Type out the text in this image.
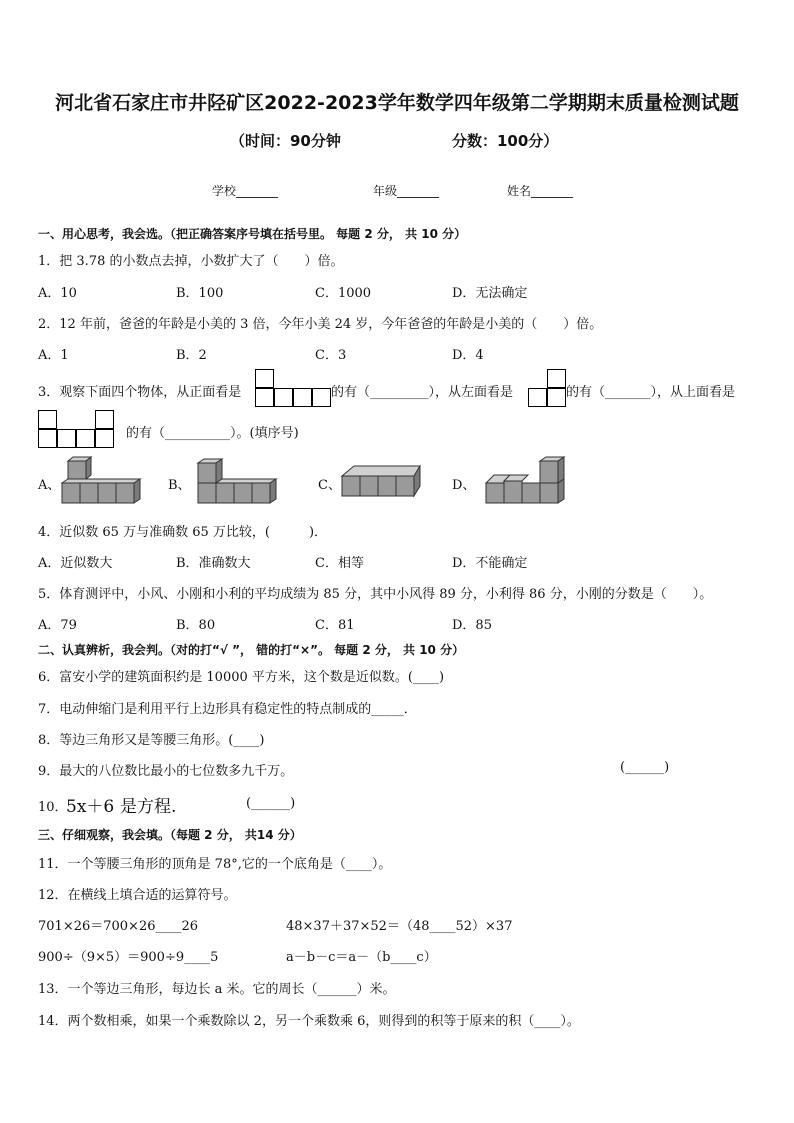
河北省石家庄市井陉矿区2022-2023学年数学四年级第二学期期末质量检测试题
（时间：90分钟	分数：100分）
学校_______	年级_______	姓名_______
一、用心思考，我会选。（把正确答案序号填在括号里。 每题 2 分， 共 10 分）
1．把 3.78 的小数点去掉，小数扩大了（　　）倍。
A．10	B．100	C．1000	D．无法确定
2．12 年前，爸爸的年龄是小美的 3 倍，今年小美 24 岁，今年爸爸的年龄是小美的（　　）倍。
A．1	B．2	C．3	D．4
3．观察下面四个物体，从正面看是	的有（_________），从左面看是	的有（_______），从上面看是
的有（__________）。(填序号)
A、	B、	C、	D、
4．近似数 65 万与准确数 65 万比较，(　　　)．
A．近似数大	B．准确数大	C．相等	D．不能确定
5．体育测评中，小风、小刚和小利的平均成绩为 85 分，其中小风得 89 分，小利得 86 分，小刚的分数是（　　）。
A．79	B．80	C．81	D．85
二、认真辨析，我会判。（对的打“√ ”， 错的打“×”。 每题 2 分， 共 10 分）
6．富安小学的建筑面积约是 10000 平方米，这个数是近似数。(____)
7．电动伸缩门是利用平行上边形具有稳定性的特点制成的_____．
8．等边三角形又是等腰三角形。(____)
9．最大的八位数比最小的七位数多九千万。	(______)
10．
5x＋6 是方程.	(______)
三、仔细观察，我会填。（每题 2 分， 共14 分）
11．一个等腰三角形的顶角是 78°,它的一个底角是（____）。
12．在横线上填合适的运算符号。
701×26＝700×26____26	48×37＋37×52＝（48____52）×37
900÷（9×5）＝900÷9____5	a－b－c＝a－（b____c）
13．一个等边三角形，每边长 a 米。它的周长（______）米。
14．两个数相乘，如果一个乘数除以 2，另一个乘数乘 6，则得到的积等于原来的积（____）。
